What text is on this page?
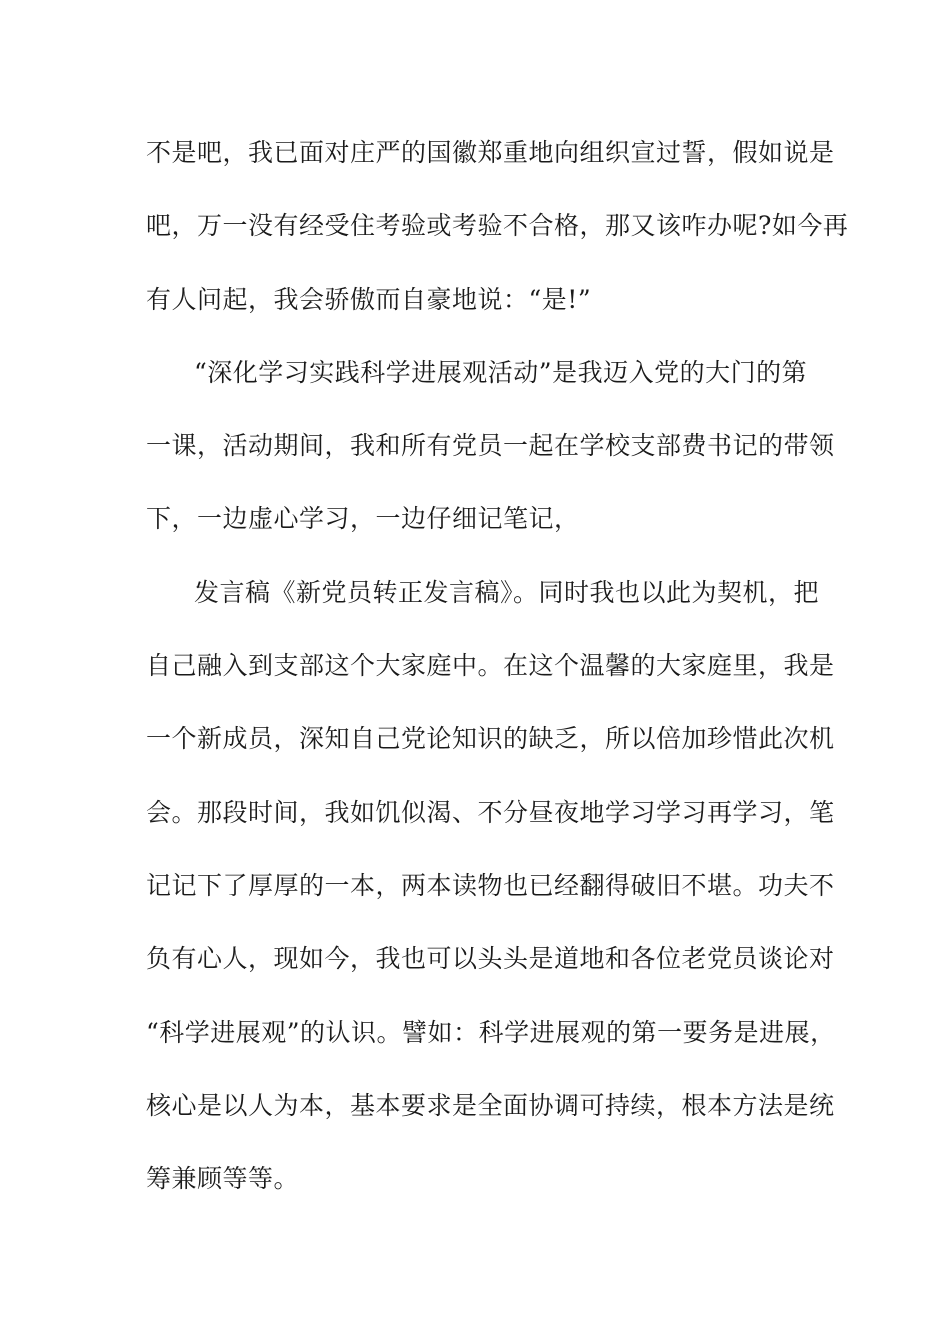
不是吧，我已面对庄严的国徽郑重地向组织宣过誓，假如说是
吧，万一没有经受住考验或考验不合格，那又该咋办呢?如今再
有人问起，我会骄傲而自豪地说：“是!”
“深化学习实践科学进展观活动”是我迈入党的大门的第
一课，活动期间，我和所有党员一起在学校支部费书记的带领
下，一边虚心学习，一边仔细记笔记，
发言稿《新党员转正发言稿》。同时我也以此为契机，把
自己融入到支部这个大家庭中。在这个温馨的大家庭里，我是
一个新成员，深知自己党论知识的缺乏，所以倍加珍惜此次机
会。那段时间，我如饥似渴、不分昼夜地学习学习再学习，笔
记记下了厚厚的一本，两本读物也已经翻得破旧不堪。功夫不
负有心人，现如今，我也可以头头是道地和各位老党员谈论对
“科学进展观”的认识。譬如：科学进展观的第一要务是进展，
核心是以人为本，基本要求是全面协调可持续，根本方法是统
筹兼顾等等。
